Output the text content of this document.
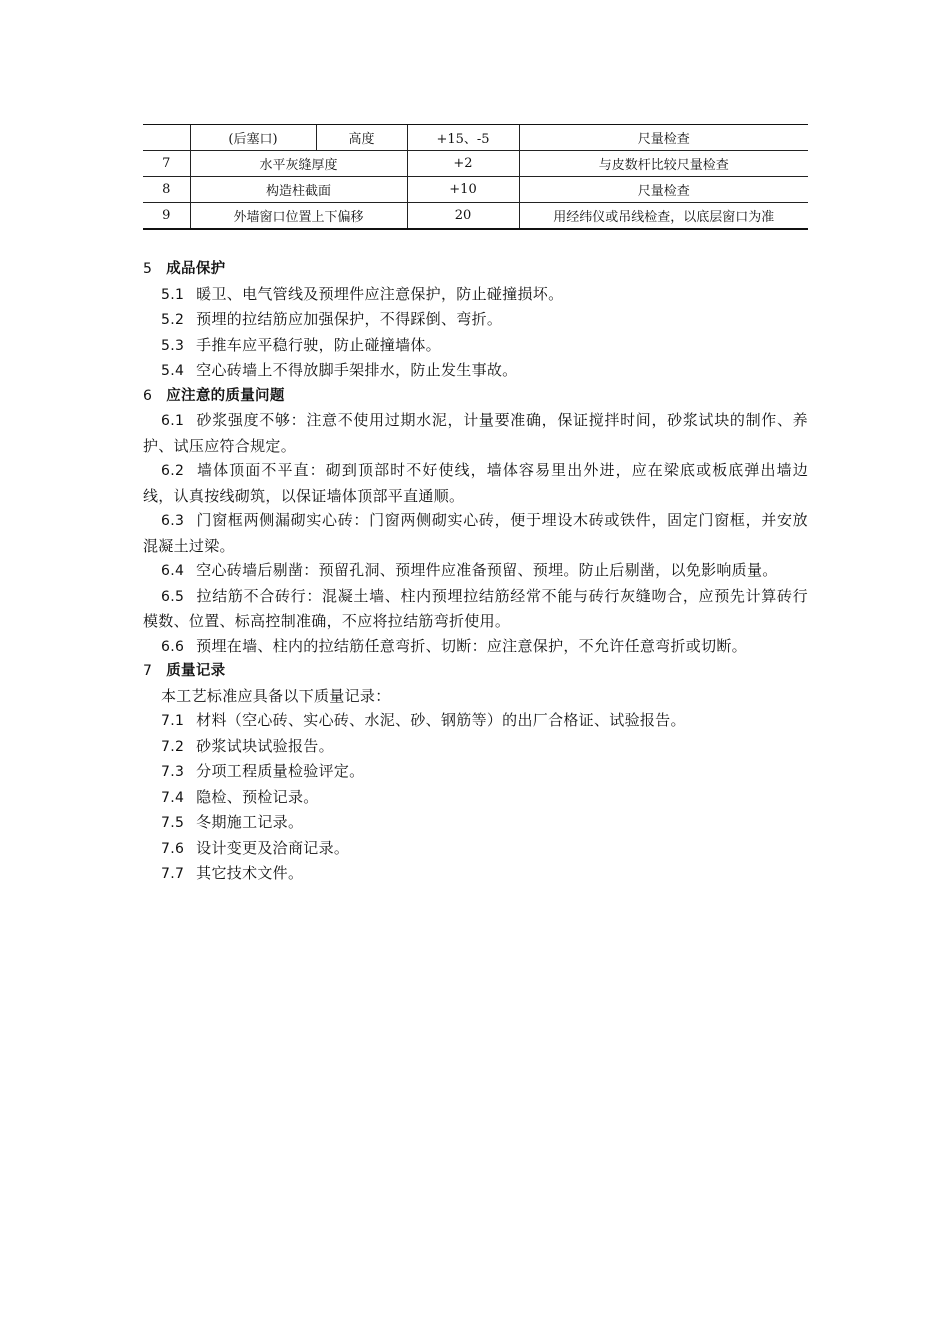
	(后塞口)	高度	+15、-5	尺量检查
7	水平灰缝厚度		+2	与皮数杆比较尺量检查
8	构造柱截面		+10	尺量检查
9	外墙窗口位置上下偏移		20	用经纬仪或吊线检查，以底层窗口为准

5 成品保护

5.1 暖卫、电气管线及预埋件应注意保护，防止碰撞损坏。

5.2 预埋的拉结筋应加强保护，不得踩倒、弯折。

5.3 手推车应平稳行驶，防止碰撞墙体。

5.4 空心砖墙上不得放脚手架排水，防止发生事故。

6 应注意的质量问题

6.1 砂浆强度不够：注意不使用过期水泥，计量要准确，保证搅拌时间，砂浆试块的制作、养护、试压应符合规定。

6.2 墙体顶面不平直：砌到顶部时不好使线，墙体容易里出外进，应在梁底或板底弹出墙边线，认真按线砌筑，以保证墙体顶部平直通顺。

6.3 门窗框两侧漏砌实心砖：门窗两侧砌实心砖，便于埋设木砖或铁件，固定门窗框，并安放混凝土过梁。

6.4 空心砖墙后剔凿：预留孔洞、预埋件应准备预留、预埋。防止后剔凿，以免影响质量。

6.5 拉结筋不合砖行：混凝土墙、柱内预埋拉结筋经常不能与砖行灰缝吻合，应预先计算砖行模数、位置、标高控制准确，不应将拉结筋弯折使用。

6.6 预埋在墙、柱内的拉结筋任意弯折、切断：应注意保护，不允许任意弯折或切断。

7 质量记录

本工艺标准应具备以下质量记录：

7.1 材料（空心砖、实心砖、水泥、砂、钢筋等）的出厂合格证、试验报告。

7.2 砂浆试块试验报告。

7.3 分项工程质量检验评定。

7.4 隐检、预检记录。

7.5 冬期施工记录。

7.6 设计变更及洽商记录。

7.7 其它技术文件。
